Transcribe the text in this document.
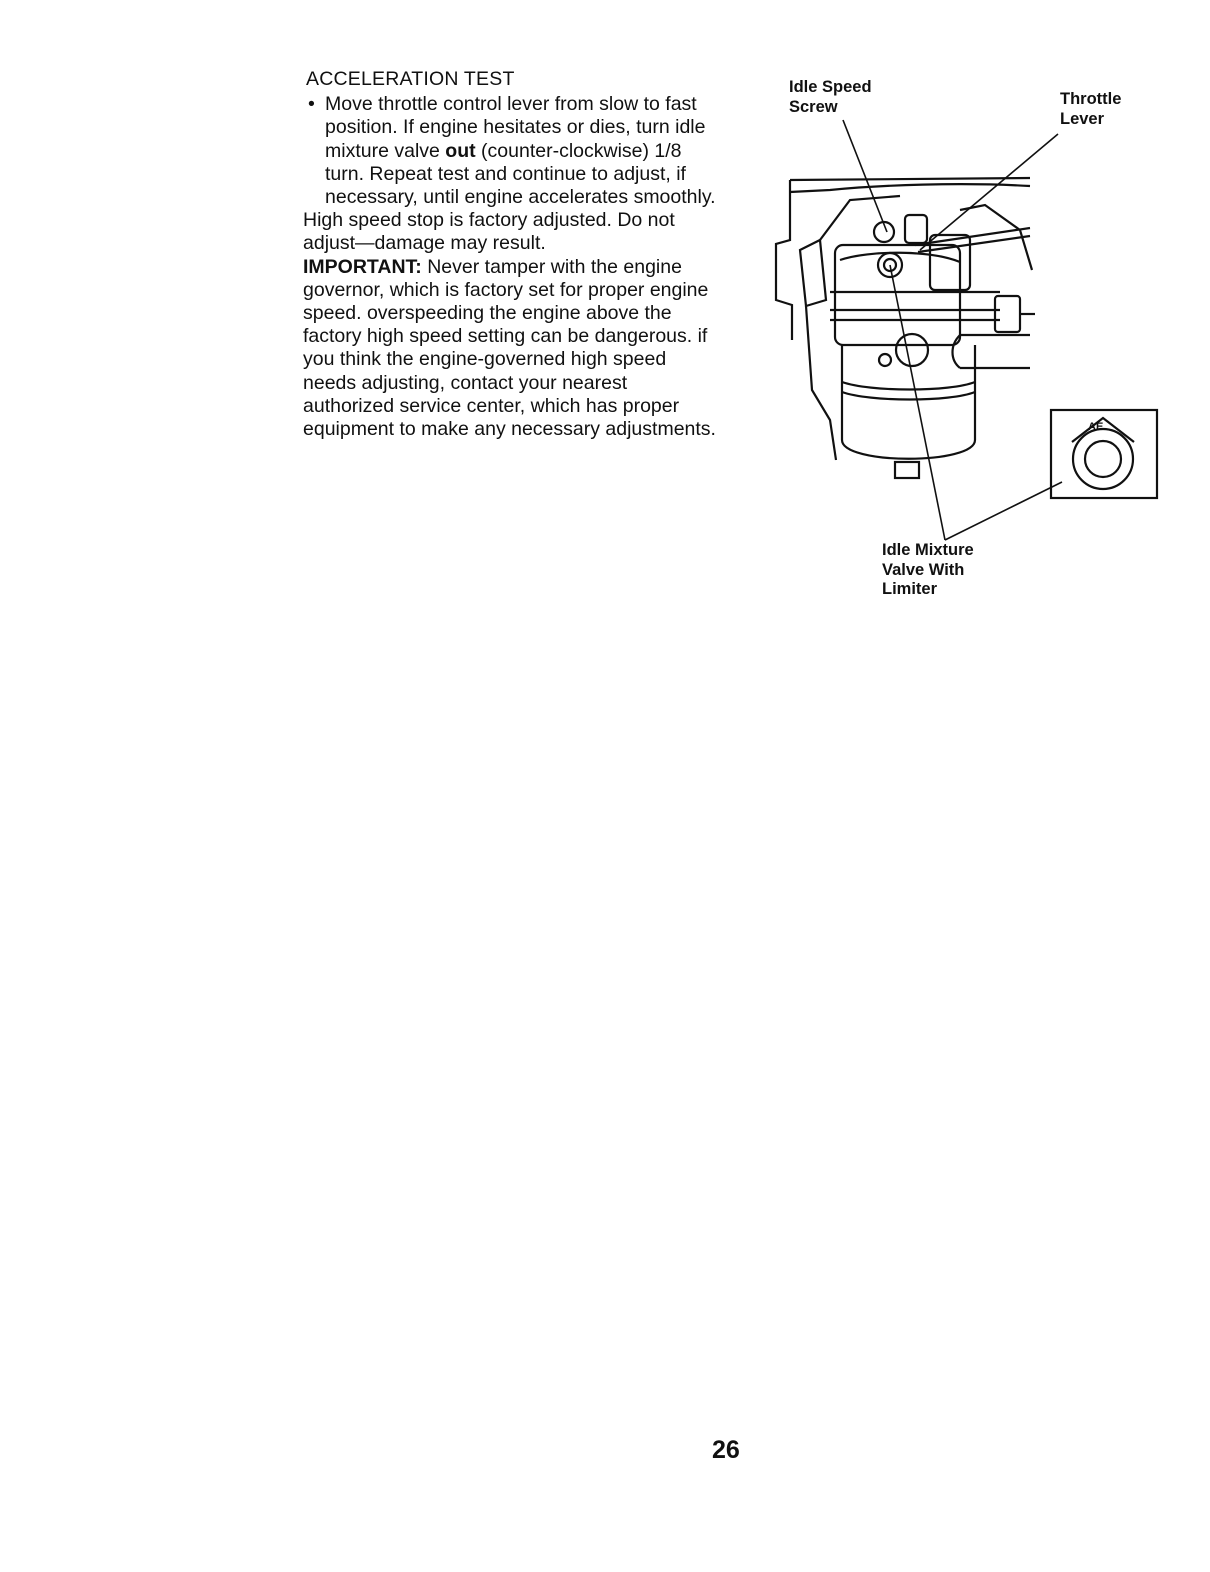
ACCELERATION TEST
• Move throttle control lever from slow to fast position. If engine hesitates or dies, turn idle mixture valve out (counter-clockwise) 1/8 turn. Repeat test and continue to adjust, if necessary, until engine accelerates smoothly.

High speed stop is factory adjusted. Do not adjust—damage may result.

IMPORTANT: Never tamper with the engine governor, which is factory set for proper engine speed. overspeeding the engine above the factory high speed setting can be dangerous. if you think the engine-governed high speed needs adjusting, contact your nearest authorized service center, which has proper equipment to make any necessary adjustments.	AE
Idle Speed
Screw	Throttle
Lever
Idle Mixture
Valve With
Limiter
26
